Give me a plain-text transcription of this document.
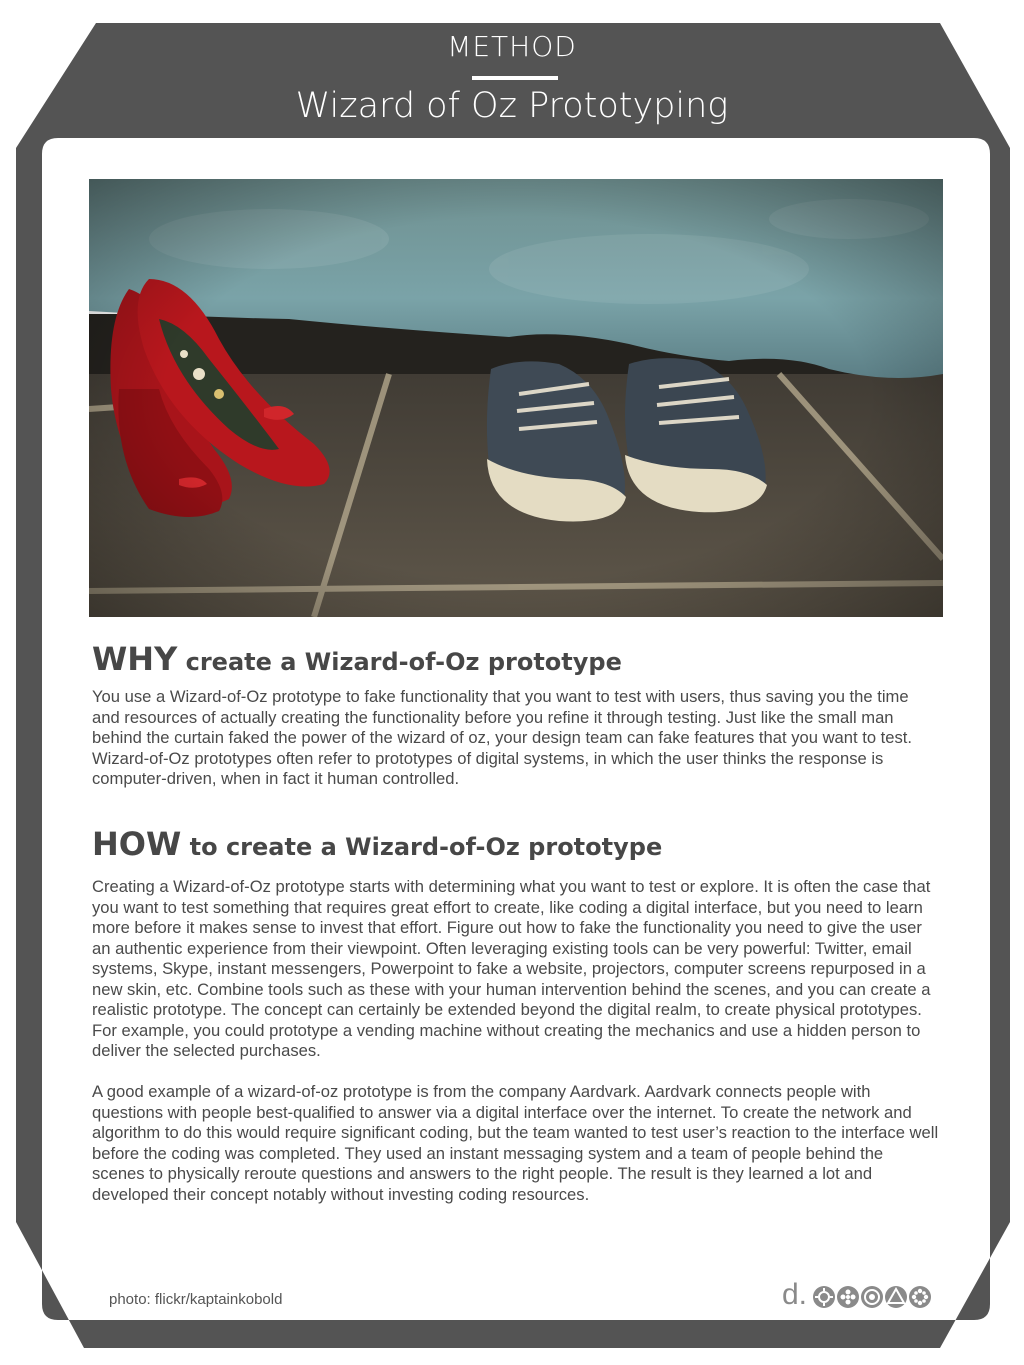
METHOD
Wizard of Oz Prototyping
WHY create a Wizard-of-Oz prototype

You use a Wizard-of-Oz prototype to fake functionality that you want to test with users, thus saving you the time and resources of actually creating the functionality before you refine it through testing. Just like the small man behind the curtain faked the power of the wizard of oz, your design team can fake features that you want to test. Wizard-of-Oz prototypes often refer to prototypes of digital systems, in which the user thinks the response is computer-driven, when in fact it human controlled.

HOW to create a Wizard-of-Oz prototype

Creating a Wizard-of-Oz prototype starts with determining what you want to test or explore. It is often the case that you want to test something that requires great effort to create, like coding a digital interface, but you need to learn more before it makes sense to invest that effort. Figure out how to fake the functionality you need to give the user an authentic experience from their viewpoint. Often leveraging existing tools can be very powerful: Twitter, email systems, Skype, instant messengers, Powerpoint to fake a website, projectors, computer screens repurposed in a new skin, etc. Combine tools such as these with your human intervention behind the scenes, and you can create a realistic prototype. The concept can certainly be extended beyond the digital realm, to create physical prototypes. For example, you could prototype a vending machine without creating the mechanics and use a hidden person to deliver the selected purchases.

A good example of a wizard-of-oz prototype is from the company Aardvark. Aardvark connects people with questions with people best-qualified to answer via a digital interface over the internet. To create the network and algorithm to do this would require significant coding, but the team wanted to test user’s reaction to the interface well before the coding was completed. They used an instant messaging system and a team of people behind the scenes to physically reroute questions and answers to the right people. The result is they learned a lot and developed their concept notably without investing coding resources.

photo: flickr/kaptainkobold	d.
